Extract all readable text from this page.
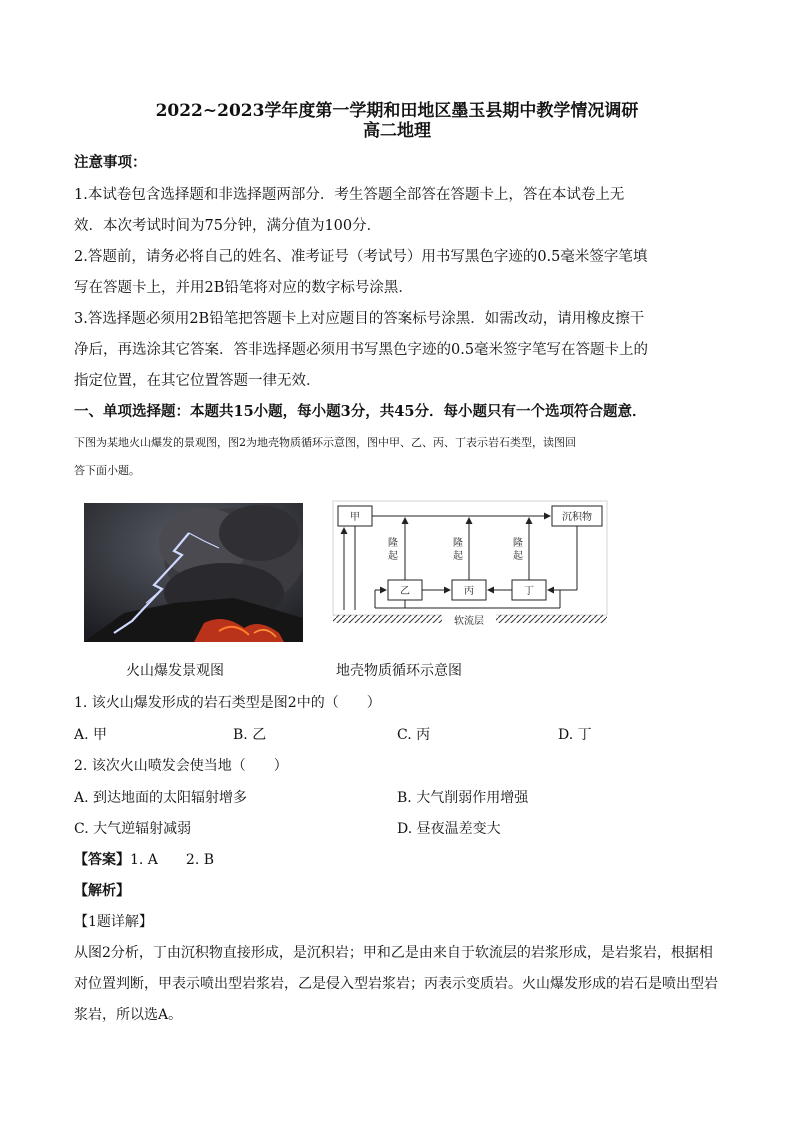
2022~2023学年度第一学期和田地区墨玉县期中教学情况调研
高二地理
注意事项：
1.本试卷包含选择题和非选择题两部分．考生答题全部答在答题卡上，答在本试卷上无
效．本次考试时间为75分钟，满分值为100分．
2.答题前，请务必将自己的姓名、准考证号（考试号）用书写黑色字迹的0.5毫米签字笔填
写在答题卡上，并用2B铅笔将对应的数字标号涂黑．
3.答选择题必须用2B铅笔把答题卡上对应题目的答案标号涂黑．如需改动，请用橡皮擦干
净后，再选涂其它答案．答非选择题必须用书写黑色字迹的0.5毫米签字笔写在答题卡上的
指定位置，在其它位置答题一律无效．
一、单项选择题：本题共15小题，每小题3分，共45分．每小题只有一个选项符合题意．
下图为某地火山爆发的景观图，图2为地壳物质循环示意图，图中甲、乙、丙、丁表示岩石类型，读图回
答下面小题。
甲	沉积物
乙	丙	丁
隆
起
隆
起
隆
起
软流层
火山爆发景观图	地壳物质循环示意图
1. 该火山爆发形成的岩石类型是图2中的（　　）
A. 甲	B. 乙	C. 丙	D. 丁
2. 该次火山喷发会使当地（　　）
A. 到达地面的太阳辐射增多	B. 大气削弱作用增强
C. 大气逆辐射减弱	D. 昼夜温差变大
【答案】1. A　　2. B
【解析】
【1题详解】
从图2分析，丁由沉积物直接形成，是沉积岩；甲和乙是由来自于软流层的岩浆形成，是岩浆岩，根据相
对位置判断，甲表示喷出型岩浆岩，乙是侵入型岩浆岩；丙表示变质岩。火山爆发形成的岩石是喷出型岩
浆岩，所以选A。
